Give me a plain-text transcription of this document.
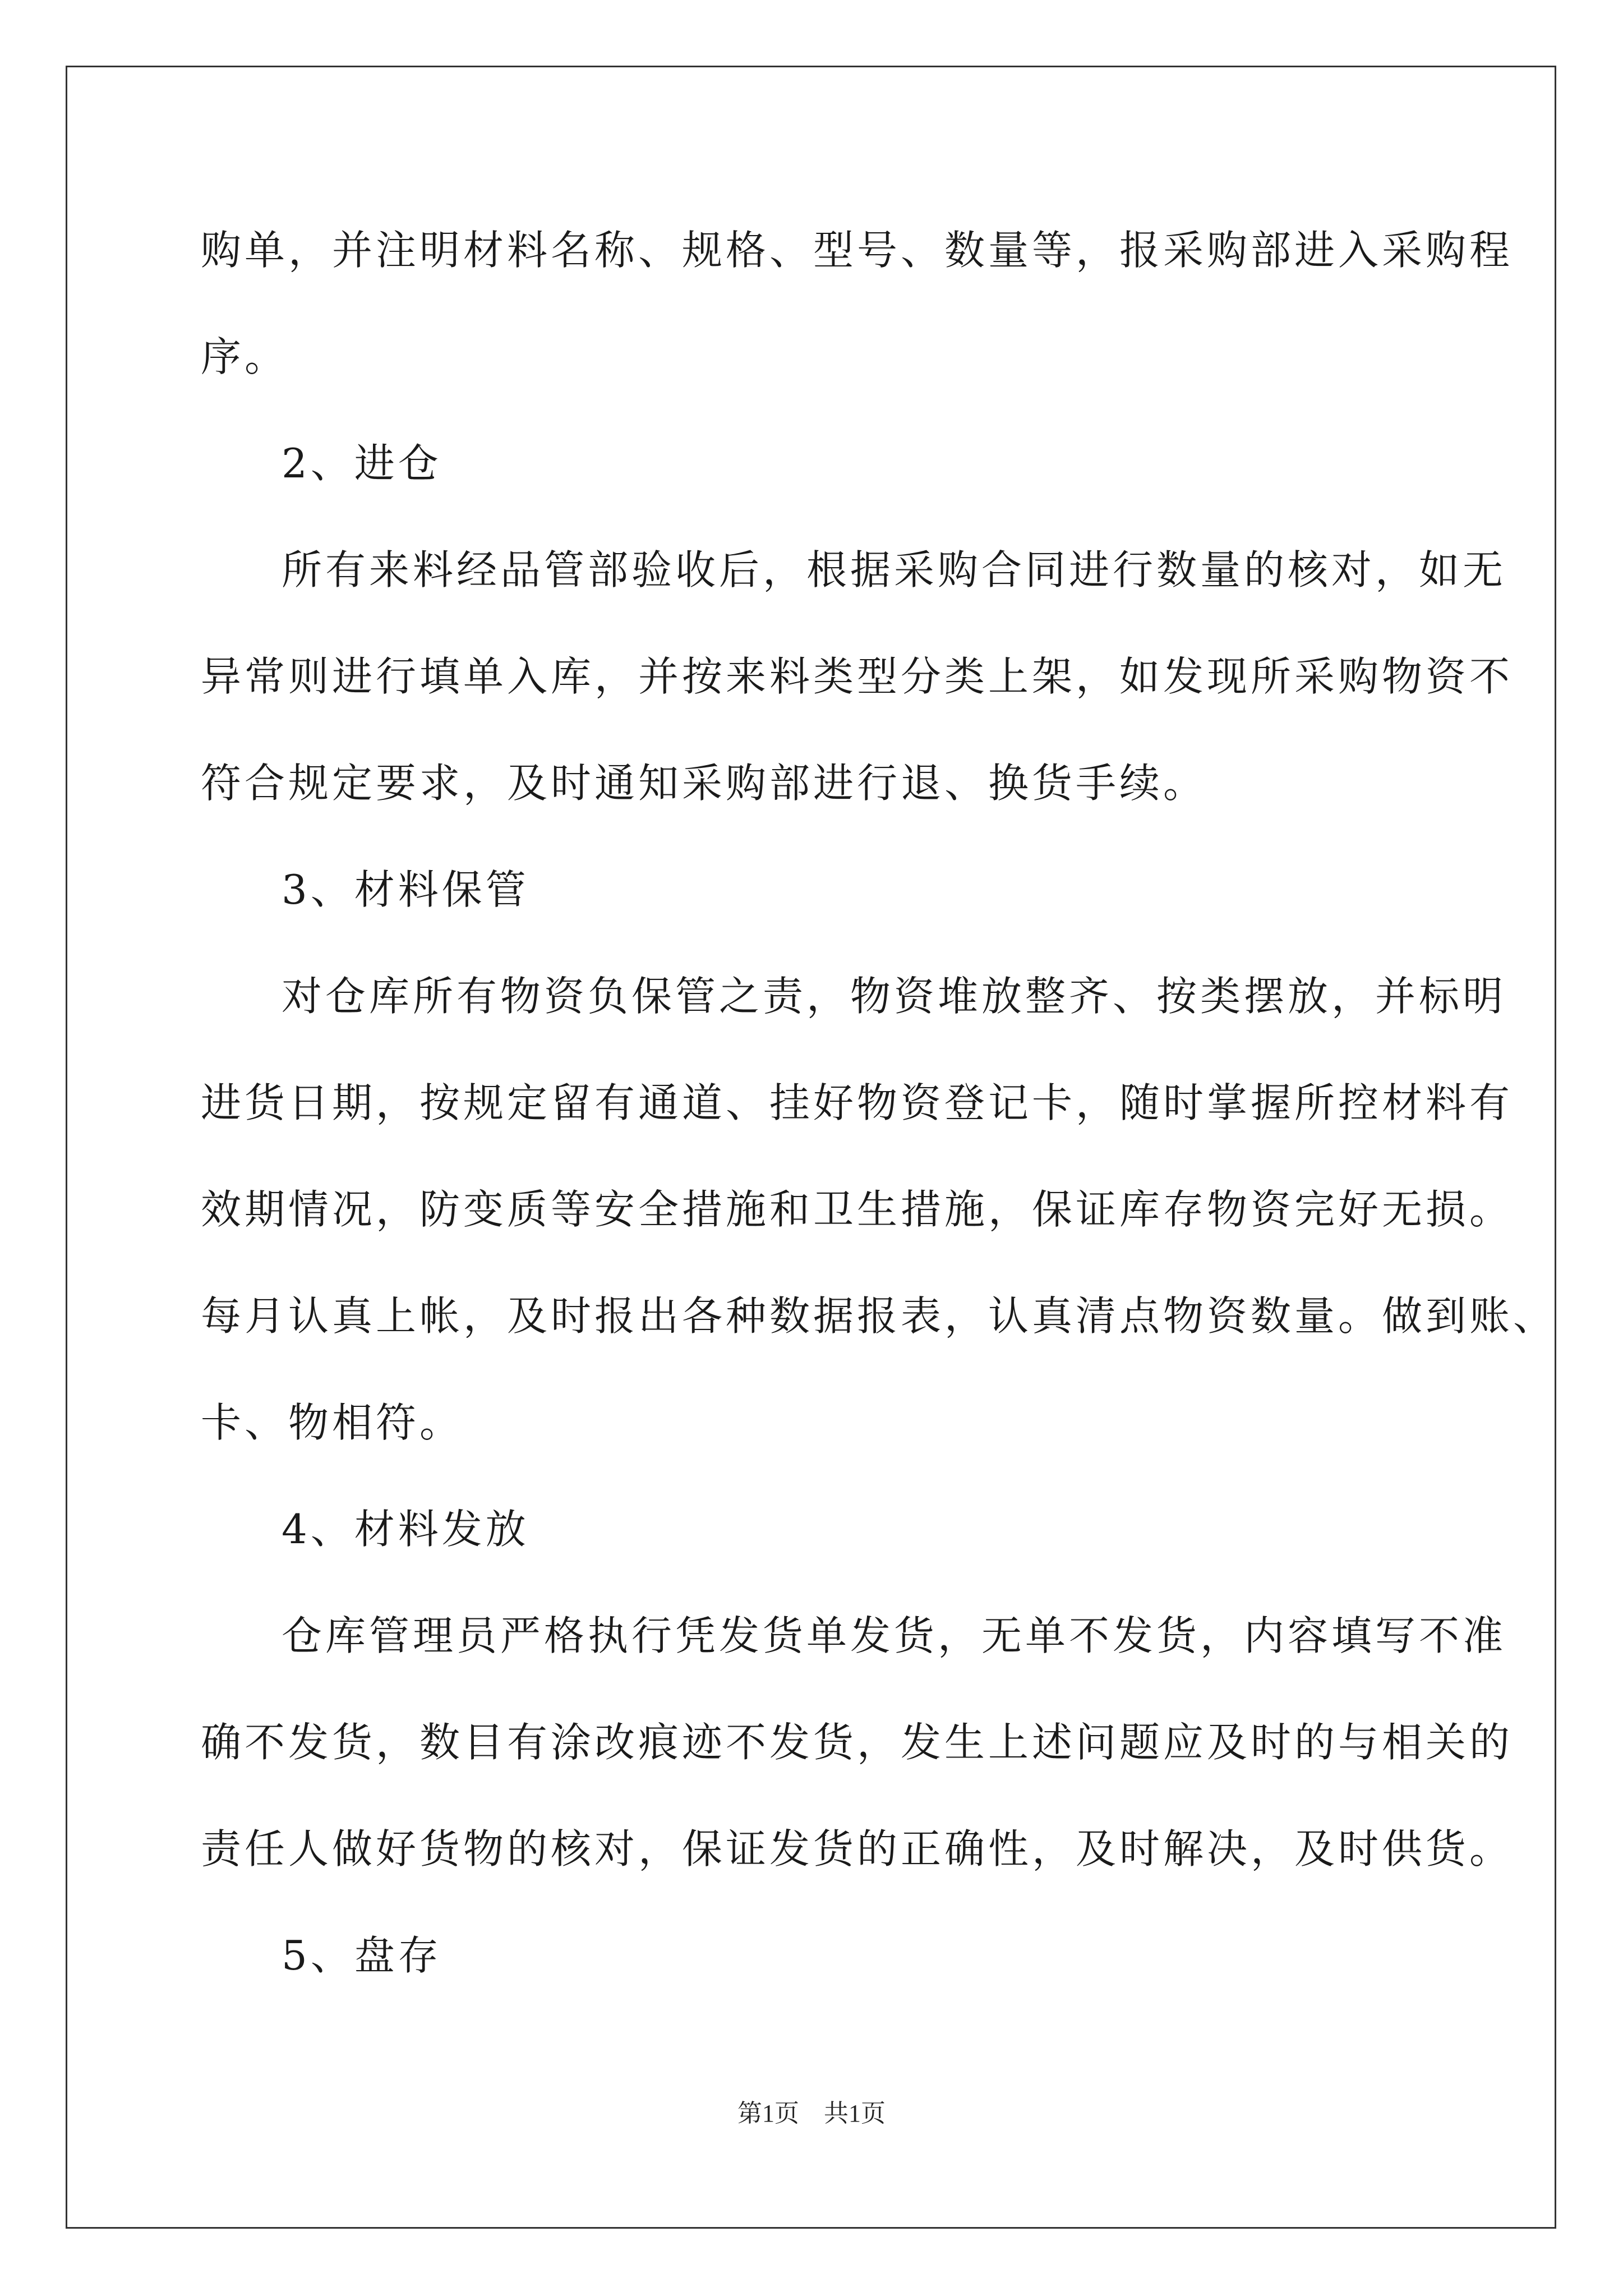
购单，并注明材料名称、规格、型号、数量等，报采购部进入采购程
序。
2、进仓
所有来料经品管部验收后，根据采购合同进行数量的核对，如无
异常则进行填单入库，并按来料类型分类上架，如发现所采购物资不
符合规定要求，及时通知采购部进行退、换货手续。
3、材料保管
对仓库所有物资负保管之责，物资堆放整齐、按类摆放，并标明
进货日期，按规定留有通道、挂好物资登记卡，随时掌握所控材料有
效期情况，防变质等安全措施和卫生措施，保证库存物资完好无损。
每月认真上帐，及时报出各种数据报表，认真清点物资数量。做到账、
卡、物相符。
4、材料发放
仓库管理员严格执行凭发货单发货，无单不发货，内容填写不准
确不发货，数目有涂改痕迹不发货，发生上述问题应及时的与相关的
责任人做好货物的核对，保证发货的正确性，及时解决，及时供货。
5、盘存
第1页　共1页
